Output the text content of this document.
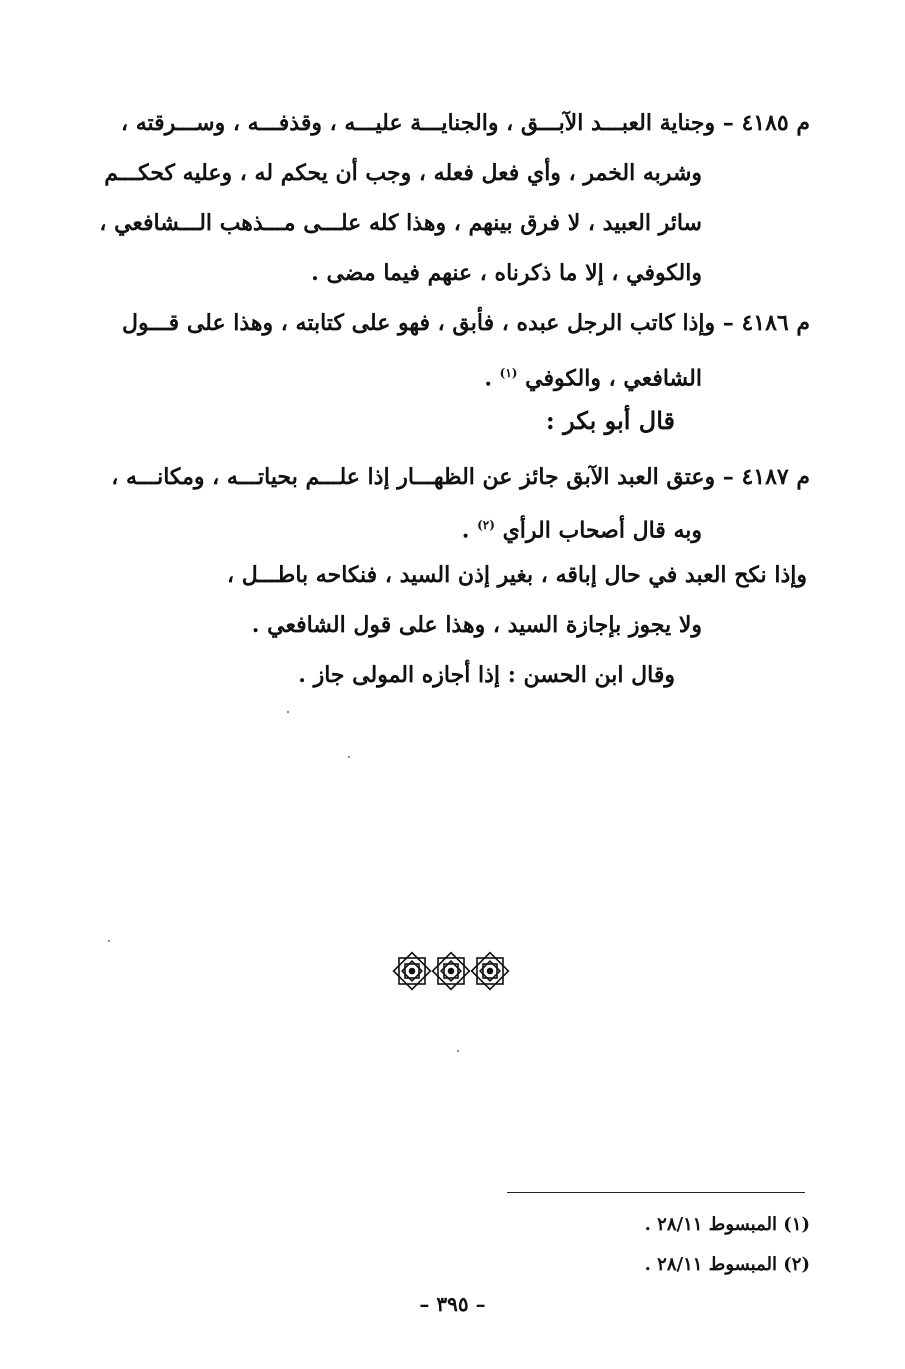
م ٤١٨٥ – وجناية العبـــد الآبـــق ، والجنايـــة عليـــه ، وقذفـــه ، وســـرقته ،
وشربه الخمر ، وأي فعل فعله ، وجب أن يحكم له ، وعليه كحكـــم
سائر العبيد ، لا فرق بينهم ، وهذا كله علـــى مـــذهب الـــشافعي ،
والكوفي ، إلا ما ذكرناه ، عنهم فيما مضى .
م ٤١٨٦ – وإذا كاتب الرجل عبده ، فأبق ، فهو على كتابته ، وهذا على قـــول
الشافعي ، والكوفي $^{(١)}$ .
قال أبو بكر :
م ٤١٨٧ – وعتق العبد الآبق جائز عن الظهـــار إذا علـــم بحياتـــه ، ومكانـــه ،
وبه قال أصحاب الرأي $^{(٢)}$ .
وإذا نكح العبد في حال إباقه ، بغير إذن السيد ، فنكاحه باطـــل ،
ولا يجوز بإجازة السيد ، وهذا على قول الشافعي .
وقال ابن الحسن : إذا أجازه المولى جاز .
(١) المبسوط ٢٨/١١ .
(٢) المبسوط ٢٨/١١ .
– ٣٩٥ –
